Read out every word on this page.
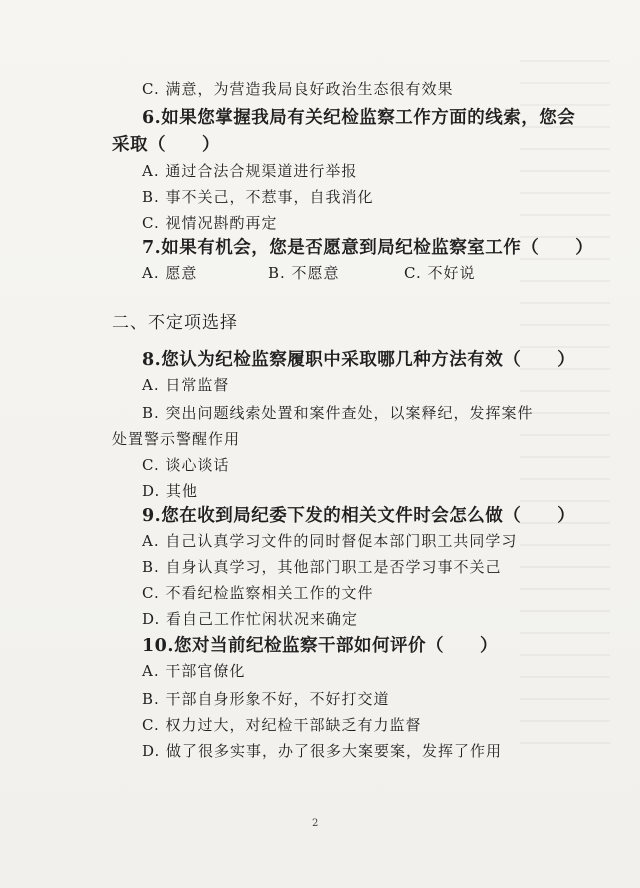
C. 满意，为营造我局良好政治生态很有效果
6.如果您掌握我局有关纪检监察工作方面的线索，您会
采取（　　）
A. 通过合法合规渠道进行举报
B. 事不关己，不惹事，自我消化
C. 视情况斟酌再定
7.如果有机会，您是否愿意到局纪检监察室工作（　　）
A. 愿意	B. 不愿意	C. 不好说
二、不定项选择
8.您认为纪检监察履职中采取哪几种方法有效（　　）
A. 日常监督
B. 突出问题线索处置和案件查处，以案释纪，发挥案件
处置警示警醒作用
C. 谈心谈话
D. 其他
9.您在收到局纪委下发的相关文件时会怎么做（　　）
A. 自己认真学习文件的同时督促本部门职工共同学习
B. 自身认真学习，其他部门职工是否学习事不关己
C. 不看纪检监察相关工作的文件
D. 看自己工作忙闲状况来确定
10.您对当前纪检监察干部如何评价（　　）
A. 干部官僚化
B. 干部自身形象不好，不好打交道
C. 权力过大，对纪检干部缺乏有力监督
D. 做了很多实事，办了很多大案要案，发挥了作用
2
